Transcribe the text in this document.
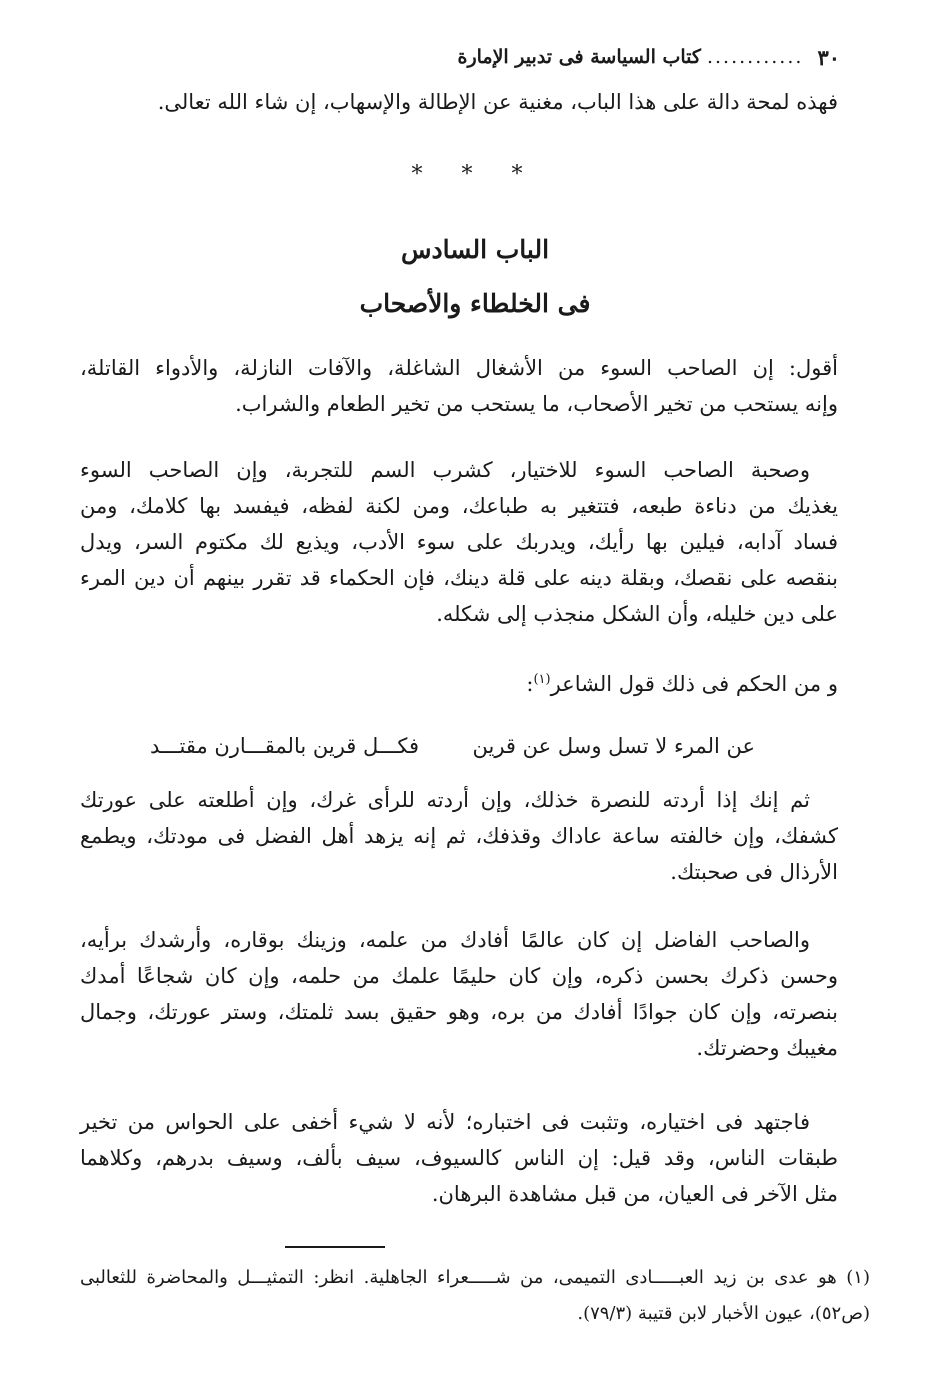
٣٠
............
كتاب السياسة فى تدبير الإمارة
فهذه لمحة دالة على هذا الباب، مغنية عن الإطالة والإسهاب، إن شاء الله تعالى.
* * *
الباب السادس
فى الخلطاء والأصحاب
أقول: إن الصاحب السوء من الأشغال الشاغلة، والآفات النازلة، والأدواء القاتلة،
وإنه يستحب من تخير الأصحاب، ما يستحب من تخير الطعام والشراب.
وصحبة الصاحب السوء للاختيار، كشرب السم للتجربة، وإن الصاحب السوء
يغذيك من دناءة طبعه، فتتغير به طباعك، ومن لكنة لفظه، فيفسد بها كلامك، ومن
فساد آدابه، فيلين بها رأيك، ويدربك على سوء الأدب، ويذيع لك مكتوم السر، ويدل
بنقصه على نقصك، وبقلة دينه على قلة دينك، فإن الحكماء قد تقرر بينهم أن دين المرء
على دين خليله، وأن الشكل منجذب إلى شكله.
و من الحكم فى ذلك قول الشاعر$^{(١)}$:
عن المرء لا تسل وسل عن قرين
فكـــل قرين بالمقـــارن مقتـــد
ثم إنك إذا أردته للنصرة خذلك، وإن أردته للرأى غرك، وإن أطلعته على عورتك
كشفك، وإن خالفته ساعة عاداك وقذفك، ثم إنه يزهد أهل الفضل فى مودتك، ويطمع
الأرذال فى صحبتك.
والصاحب الفاضل إن كان عالمًا أفادك من علمه، وزينك بوقاره، وأرشدك برأيه،
وحسن ذكرك بحسن ذكره، وإن كان حليمًا علمك من حلمه، وإن كان شجاعًا أمدك
بنصرته، وإن كان جوادًا أفادك من بره، وهو حقيق بسد ثلمتك، وستر عورتك، وجمال
مغيبك وحضرتك.
فاجتهد فى اختياره، وتثبت فى اختباره؛ لأنه لا شيء أخفى على الحواس من تخير
طبقات الناس، وقد قيل: إن الناس كالسيوف، سيف بألف، وسيف بدرهم، وكلاهما
مثل الآخر فى العيان، من قبل مشاهدة البرهان.
(١) هو عدى بن زيد العبـــــادى التميمى، من شـــــعراء الجاهلية. انظر: التمثيـــل والمحاضرة للثعالبى
(ص٥٢)، عيون الأخبار لابن قتيبة (٧٩/٣).
